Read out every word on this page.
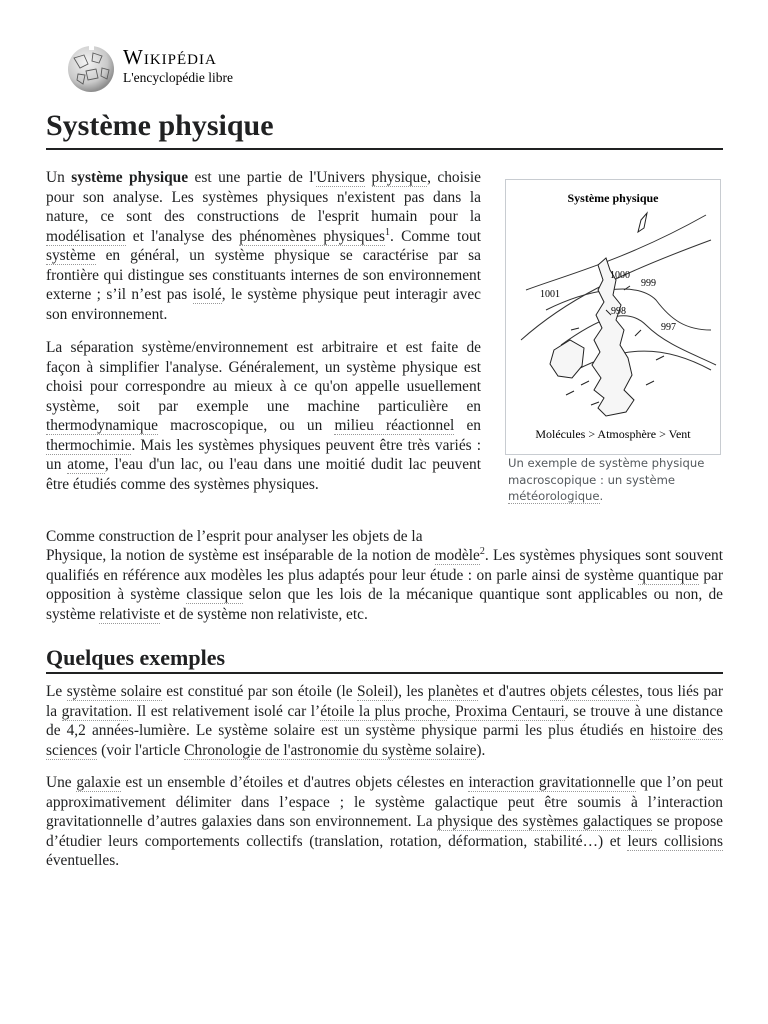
Wikipédia
L'encyclopédie libre
Système physique

Un système physique est une partie de l'Univers physique, choisie pour son analyse. Les systèmes physiques n'existent pas dans la nature, ce sont des constructions de l'esprit humain pour la modélisation et l'analyse des phénomènes physiques$^1$. Comme tout système en général, un système physique se caractérise par sa frontière qui distingue ses constituants internes de son environnement externe ; s’il n’est pas isolé, le système physique peut interagir avec son environnement.

La séparation système/environnement est arbitraire et est faite de façon à simplifier l'analyse. Généralement, un système physique est choisi pour correspondre au mieux à ce qu'on appelle usuellement système, soit par exemple une machine particulière en thermodynamique macroscopique, ou un milieu réactionnel en thermochimie. Mais les systèmes physiques peuvent être très variés : un atome, l'eau d'un lac, ou l'eau dans une moitié dudit lac peuvent être étudiés comme des systèmes physiques.

Comme construction de l’esprit pour analyser les objets de la

Physique, la notion de système est inséparable de la notion de modèle$^2$. Les systèmes physiques sont souvent qualifiés en référence aux modèles les plus adaptés pour leur étude : on parle ainsi de système quantique par opposition à système classique selon que les lois de la mécanique quantique sont applicables ou non, de système relativiste et de système non relativiste, etc.

Système physique
1000
999
1001
998
997
Molécules > Atmosphère > Vent
Un exemple de système physique macroscopique : un système météorologique.
Quelques exemples

Le système solaire est constitué par son étoile (le Soleil), les planètes et d'autres objets célestes, tous liés par la gravitation. Il est relativement isolé car l’étoile la plus proche, Proxima Centauri, se trouve à une distance de 4,2 années-lumière. Le système solaire est un système physique parmi les plus étudiés en histoire des sciences (voir l'article Chronologie de l'astronomie du système solaire).

Une galaxie est un ensemble d’étoiles et d'autres objets célestes en interaction gravitationnelle que l’on peut approximativement délimiter dans l’espace ; le système galactique peut être soumis à l’interaction gravitationnelle d’autres galaxies dans son environnement. La physique des systèmes galactiques se propose d’étudier leurs comportements collectifs (translation, rotation, déformation, stabilité…) et leurs collisions éventuelles.
